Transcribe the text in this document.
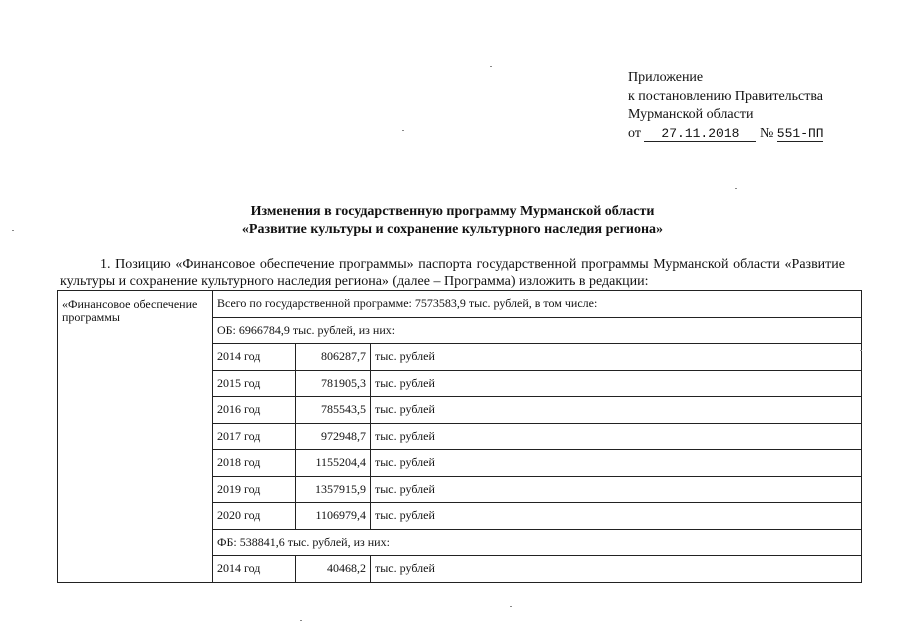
Приложение
к постановлению Правительства
Мурманской области
от 27.11.2018 № 551-ПП
Изменения в государственную программу Мурманской области
«Развитие культуры и сохранение культурного наследия региона»
1. Позицию «Финансовое обеспечение программы» паспорта государственной программы Мурманской области «Развитие культуры и сохранение культурного наследия региона» (далее – Программа) изложить в редакции:
«Финансовое обеспечение программы	Всего по государственной программе: 7573583,9 тыс. рублей, в том числе:		
	ОБ: 6966784,9 тыс. рублей, из них:		
	2014 год	806287,7	тыс. рублей
	2015 год	781905,3	тыс. рублей
	2016 год	785543,5	тыс. рублей
	2017 год	972948,7	тыс. рублей
	2018 год	1155204,4	тыс. рублей
	2019 год	1357915,9	тыс. рублей
	2020 год	1106979,4	тыс. рублей
	ФБ: 538841,6 тыс. рублей, из них:		
	2014 год	40468,2	тыс. рублей
